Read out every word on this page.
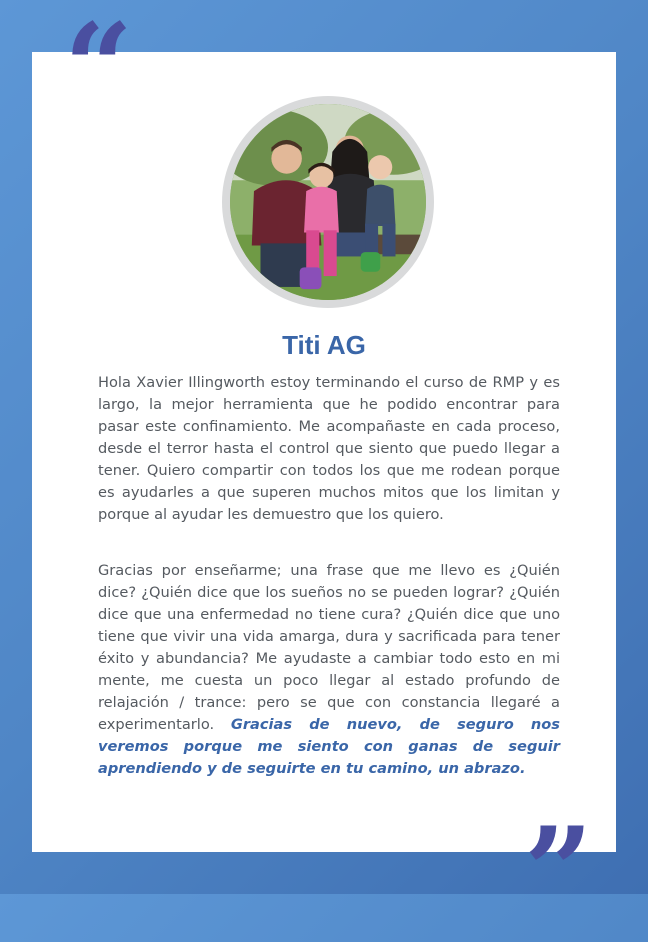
“
Titi AG
Hola Xavier Illingworth estoy terminando el curso de RMP y es largo, la mejor herramienta que he podido encontrar para pasar este confinamiento. Me acompañaste en cada proceso, desde el terror hasta el control que siento que puedo llegar a tener. Quiero compartir con todos los que me rodean porque es ayudarles a que superen muchos mitos que los limitan y porque al ayudar les demuestro que los quiero.
Gracias por enseñarme; una frase que me llevo es ¿Quién dice? ¿Quién dice que los sueños no se pueden lograr? ¿Quién dice que una enfermedad no tiene cura? ¿Quién dice que uno tiene que vivir una vida amarga, dura y sacrificada para tener éxito y abundancia? Me ayudaste a cambiar todo esto en mi mente, me cuesta un poco llegar al estado profundo de relajación / trance: pero se que con constancia llegaré a experimentarlo. Gracias de nuevo, de seguro nos veremos porque me siento con ganas de seguir aprendiendo y de seguirte en tu camino, un abrazo.
”
